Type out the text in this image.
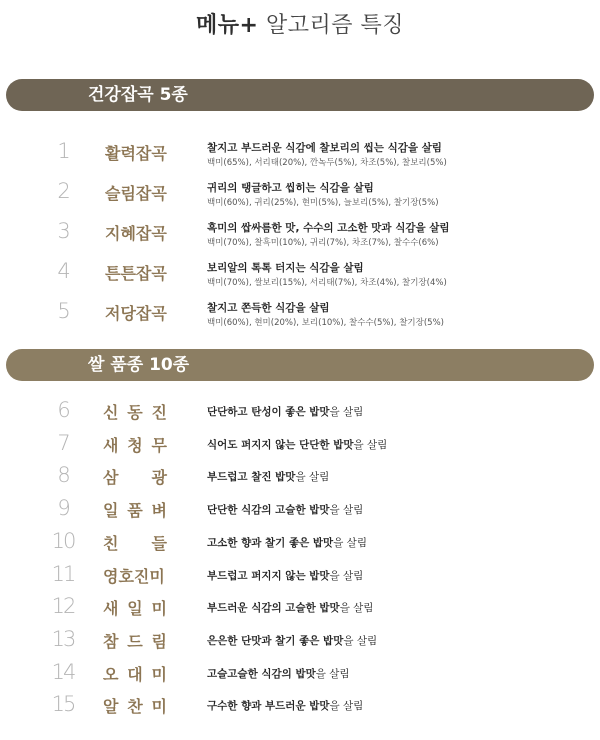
메뉴+ 알고리즘 특징
건강잡곡 5종
1	활력잡곡	찰지고 부드러운 식감에 찰보리의 씹는 식감을 살림
백미(65%), 서리태(20%), 깐녹두(5%), 차조(5%), 찰보리(5%)
2	슬림잡곡	귀리의 탱글하고 씹히는 식감을 살림
백미(60%), 귀리(25%), 현미(5%), 늘보리(5%), 찰기장(5%)
3	지혜잡곡	흑미의 쌉싸름한 맛, 수수의 고소한 맛과 식감을 살림
백미(70%), 찰흑미(10%), 귀리(7%), 차조(7%), 찰수수(6%)
4	튼튼잡곡	보리알의 톡톡 터지는 식감을 살림
백미(70%), 쌀보리(15%), 서리태(7%), 차조(4%), 찰기장(4%)
5	저당잡곡	찰지고 쫀득한 식감을 살림
백미(60%), 현미(20%), 보리(10%), 찰수수(5%), 찰기장(5%)
쌀 품종 10종
6	신 동 진	단단하고 탄성이 좋은 밥맛을 살림
7	새 청 무	식어도 퍼지지 않는 단단한 밥맛을 살림
8	삼 광	부드럽고 찰진 밥맛을 살림
9	일 품 벼	단단한 식감의 고슬한 밥맛을 살림
10 친 들	고소한 향과 찰기 좋은 밥맛을 살림
11 영호진미	부드럽고 퍼지지 않는 밥맛을 살림
12 새 일 미	부드러운 식감의 고슬한 밥맛을 살림
13 참 드 림	은은한 단맛과 찰기 좋은 밥맛을 살림
14 오 대 미	고슬고슬한 식감의 밥맛을 살림
15 알 찬 미	구수한 향과 부드러운 밥맛을 살림
